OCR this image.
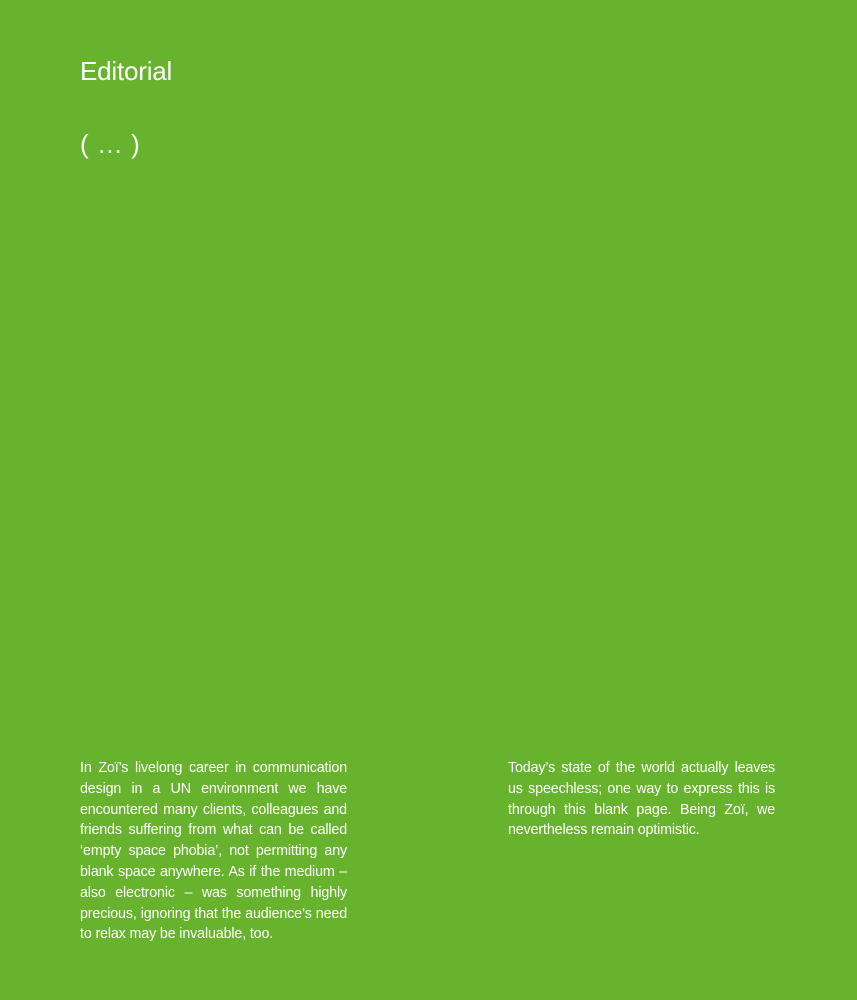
Editorial

( … )

In Zoï’s livelong career in communication design in a UN environment we have encountered many clients, colleagues and friends suffering from what can be called ‘empty space phobia’, not permitting any blank space anywhere. As if the medium – also electronic – was something highly precious, ignoring that the audience’s need to relax may be invaluable, too.

Today’s state of the world actually leaves us speechless; one way to express this is through this blank page. Being Zoï, we nevertheless remain optimistic.
